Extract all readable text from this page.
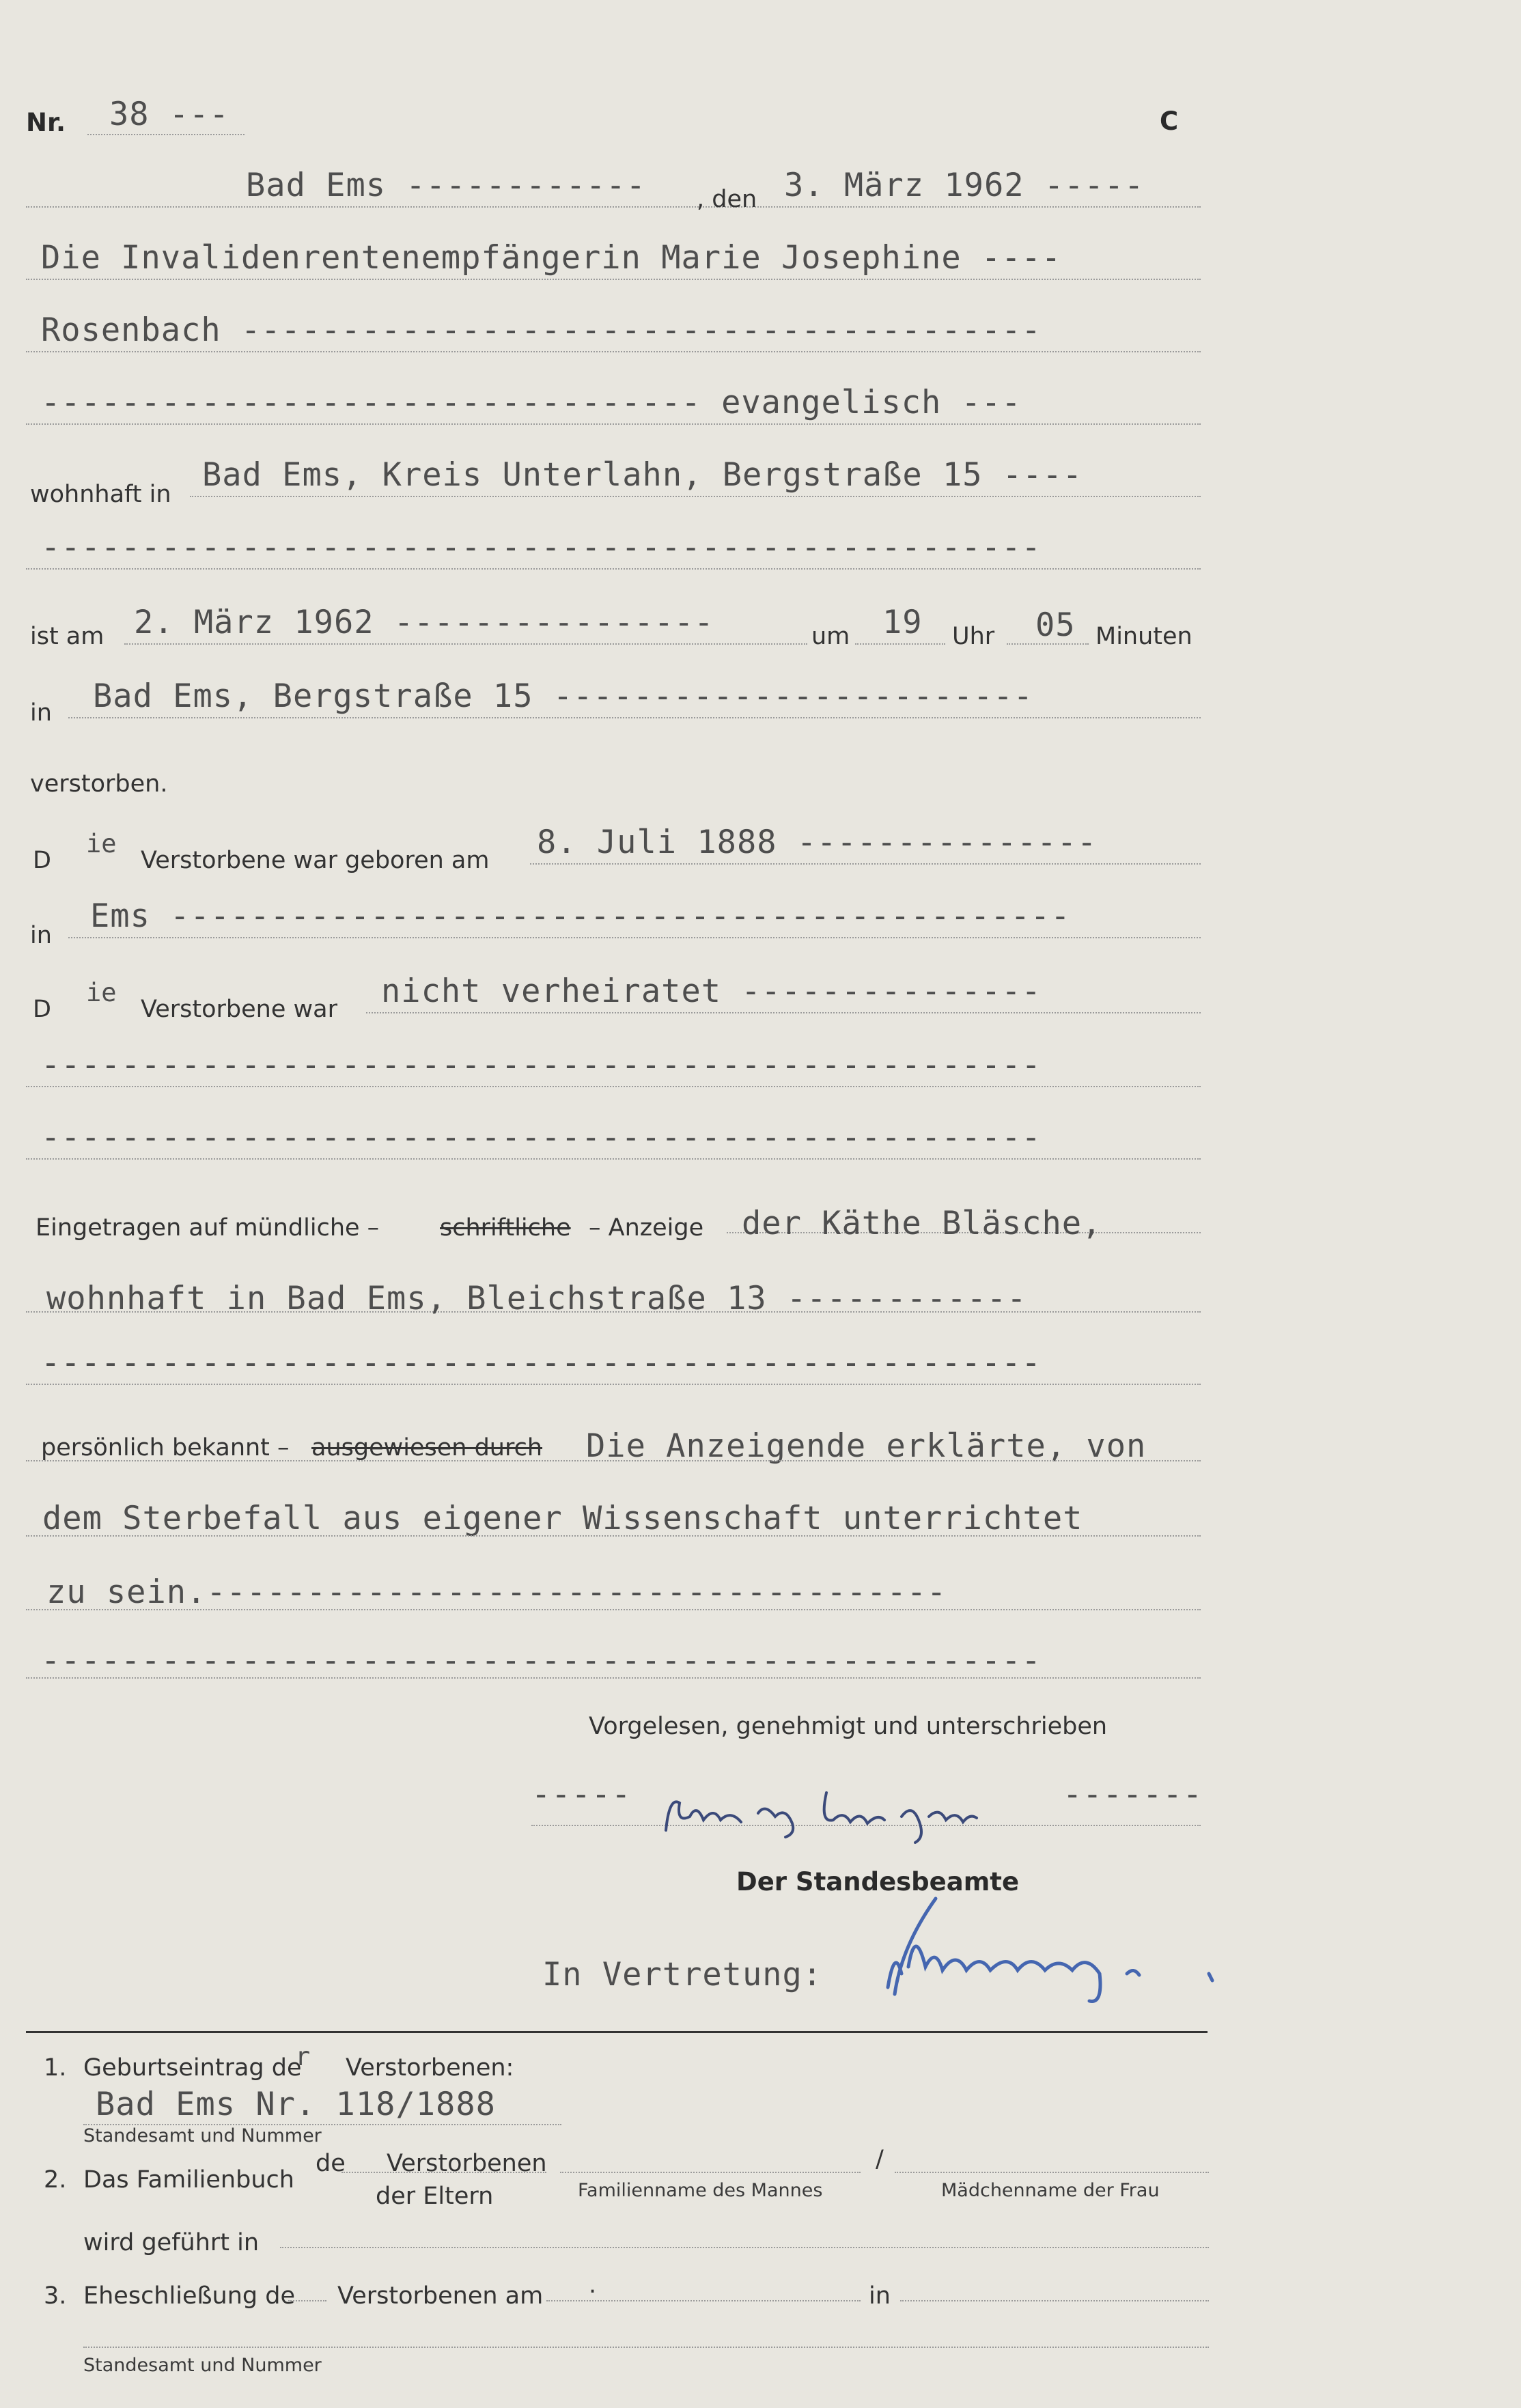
Nr. 38 ---	C
Bad Ems ------------ , den 3. März 1962 -----
Die Invalidenrentenempfängerin Marie Josephine ----
Rosenbach ----------------------------------------
--------------------------------- evangelisch ---
wohnhaft in
Bad Ems, Kreis Unterlahn, Bergstraße 15 ----
--------------------------------------------------
ist am 2. März 1962 ----------------	um 19 Uhr 05 Minuten
in Bad Ems, Bergstraße 15 ------------------------
verstorben.
D
ie
Verstorbene war geboren am 8. Juli 1888 ---------------
in
Ems ---------------------------------------------
D
ie
Verstorbene war nicht verheiratet ---------------
--------------------------------------------------
--------------------------------------------------
Eingetragen auf mündliche –	schriftliche – Anzeige der Käthe Bläsche,
wohnhaft in Bad Ems, Bleichstraße 13 ------------
--------------------------------------------------
persönlich bekannt – ausgewiesen durch Die Anzeigende erklärte, von
dem Sterbefall aus eigener Wissenschaft unterrichtet
zu sein.-------------------------------------
--------------------------------------------------
Vorgelesen, genehmigt und unterschrieben
-----	-------
Der Standesbeamte
In Vertretung:
1. Geburtseintrag de
r Verstorbenen:
Bad Ems Nr. 118/1888
Standesamt und Nummer
2. Das Familienbuch
de Verstorbenen
der Eltern	Familienname des Mannes
/
Mädchenname der Frau
wird geführt in
3. Eheschließung de Verstorbenen am .	in
Standesamt und Nummer
